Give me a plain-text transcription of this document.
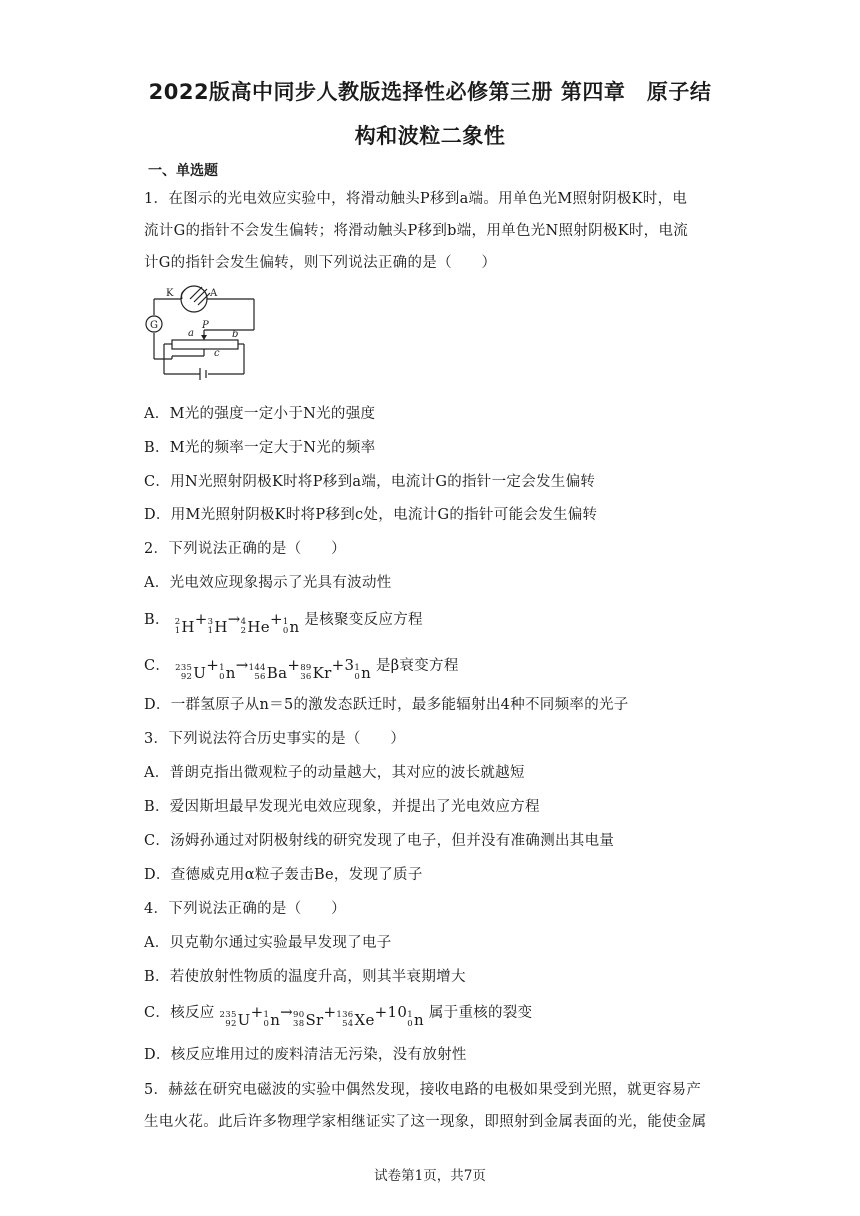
2022版高中同步人教版选择性必修第三册 第四章　原子结
构和波粒二象性
一、单选题
1．在图示的光电效应实验中，将滑动触头P移到a端。用单色光M照射阴极K时，电
流计G的指针不会发生偏转；将滑动触头P移到b端，用单色光N照射阴极K时，电流
计G的指针会发生偏转，则下列说法正确的是（　　）
K	A
G
a
P
b
c
A．M光的强度一定小于N光的强度
B．M光的频率一定大于N光的频率
C．用N光照射阴极K时将P移到a端，电流计G的指针一定会发生偏转
D．用M光照射阴极K时将P移到c处，电流计G的指针可能会发生偏转
2．下列说法正确的是（　　）
A．光电效应现象揭示了光具有波动性
B． 2
1 H + 3
1 H → 4
2 He + 1
0 n 是核聚变反应方程
C． 235
92 U + 1
0 n → 144
56 Ba + 89
36 Kr +3 1
0 n 是β衰变方程
D．一群氢原子从n＝5的激发态跃迁时，最多能辐射出4种不同频率的光子
3．下列说法符合历史事实的是（　　）
A．普朗克指出微观粒子的动量越大，其对应的波长就越短
B．爱因斯坦最早发现光电效应现象，并提出了光电效应方程
C．汤姆孙通过对阴极射线的研究发现了电子，但并没有准确测出其电量
D．查德威克用α粒子轰击Be，发现了质子
4．下列说法正确的是（　　）
A．贝克勒尔通过实验最早发现了电子
B．若使放射性物质的温度升高，则其半衰期增大
C．核反应 235
92 U + 1
0 n → 90
38 Sr + 136
54 Xe +10 1
0 n 属于重核的裂变
D．核反应堆用过的废料清洁无污染，没有放射性
5．赫兹在研究电磁波的实验中偶然发现，接收电路的电极如果受到光照，就更容易产
生电火花。此后许多物理学家相继证实了这一现象，即照射到金属表面的光，能使金属
试卷第1页，共7页
